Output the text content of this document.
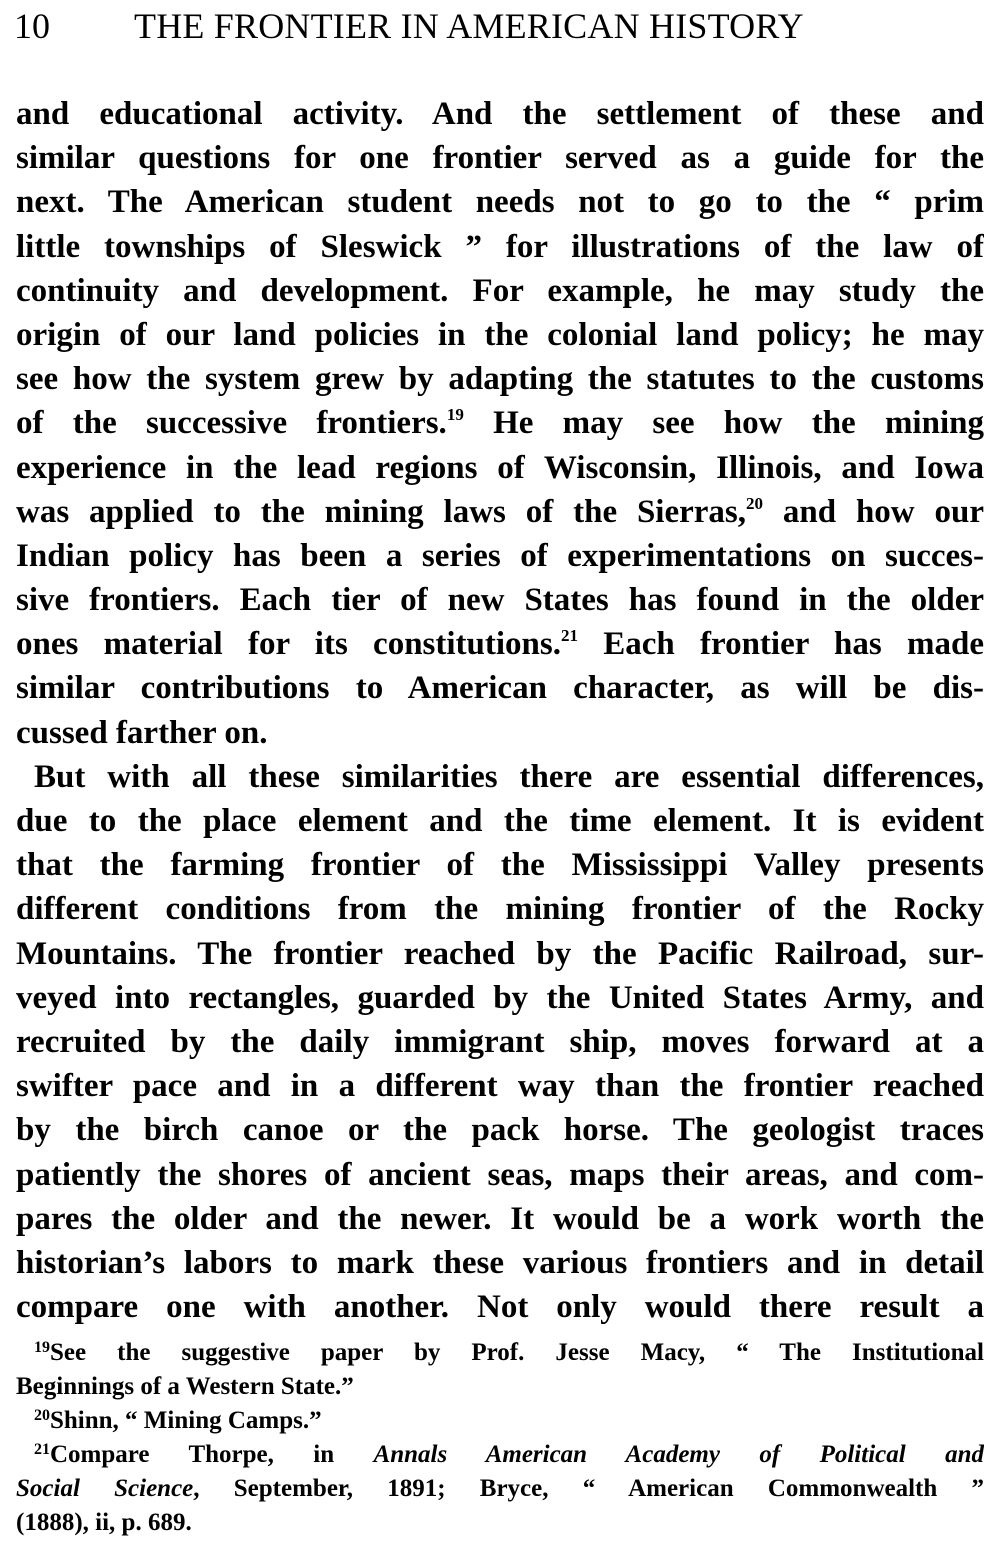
10 THE FRONTIER IN AMERICAN HISTORY
and educational activity. And the settlement of these and
similar questions for one frontier served as a guide for the
next. The American student needs not to go to the “ prim
little townships of Sleswick ” for illustrations of the law of
continuity and development. For example, he may study the
origin of our land policies in the colonial land policy; he may
see how the system grew by adapting the statutes to the customs
of the successive frontiers.$^{19}$ He may see how the mining
experience in the lead regions of Wisconsin, Illinois, and Iowa
was applied to the mining laws of the Sierras,$^{20}$ and how our
Indian policy has been a series of experimentations on succes-
sive frontiers. Each tier of new States has found in the older
ones material for its constitutions.$^{21}$ Each frontier has made
similar contributions to American character, as will be dis-
cussed farther on.
But with all these similarities there are essential differences,
due to the place element and the time element. It is evident
that the farming frontier of the Mississippi Valley presents
different conditions from the mining frontier of the Rocky
Mountains. The frontier reached by the Pacific Railroad, sur-
veyed into rectangles, guarded by the United States Army, and
recruited by the daily immigrant ship, moves forward at a
swifter pace and in a different way than the frontier reached
by the birch canoe or the pack horse. The geologist traces
patiently the shores of ancient seas, maps their areas, and com-
pares the older and the newer. It would be a work worth the
historian’s labors to mark these various frontiers and in detail
compare one with another. Not only would there result a
$^{19}$See the suggestive paper by Prof. Jesse Macy, “ The Institutional
Beginnings of a Western State.”
$^{20}$Shinn, “ Mining Camps.”
$^{21}$Compare Thorpe, in Annals American Academy of Political and
Social Science, September, 1891; Bryce, “ American Commonwealth ”
(1888), ii, p. 689.
